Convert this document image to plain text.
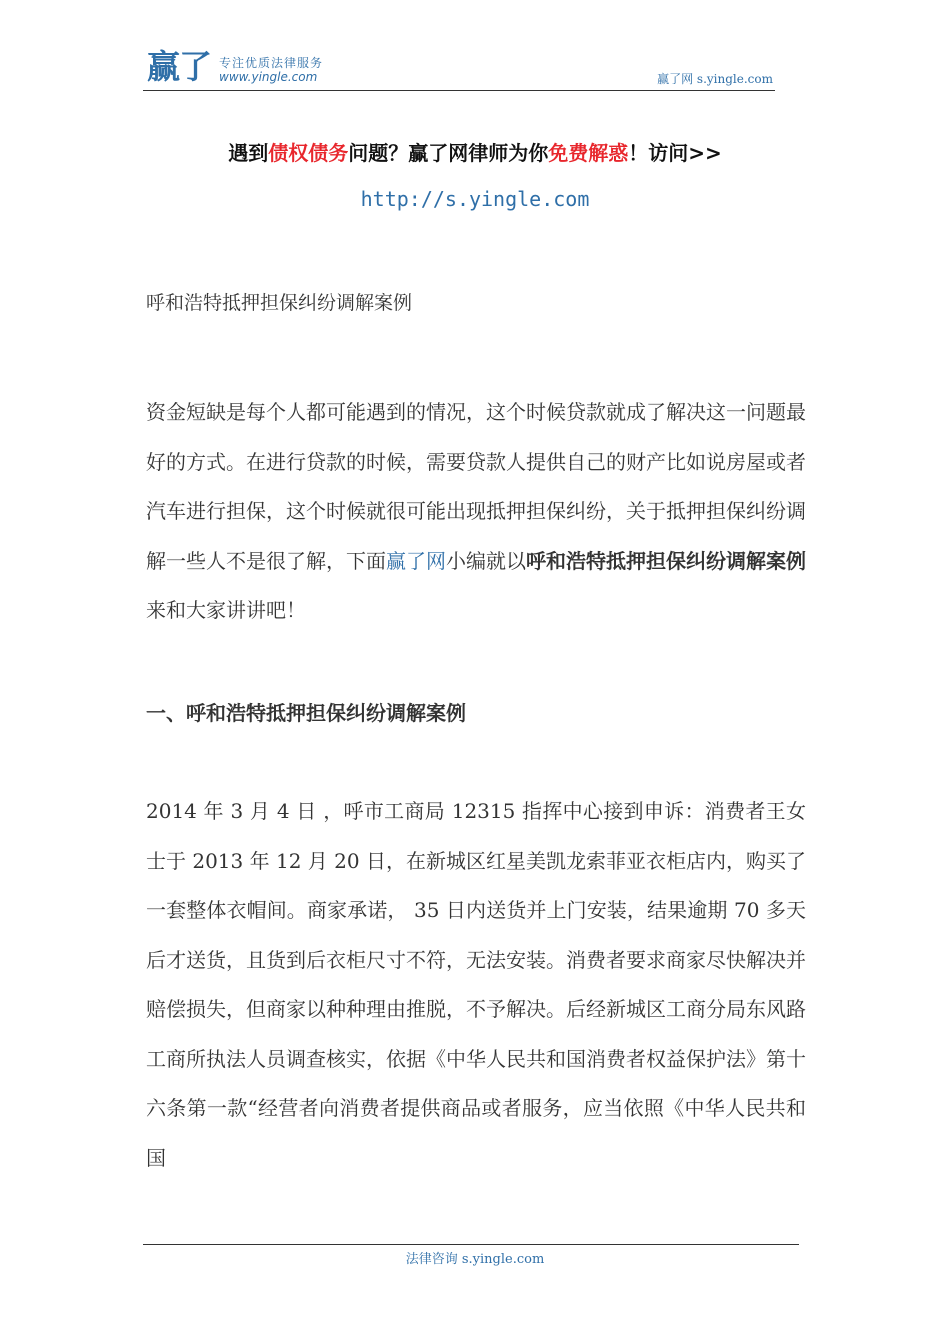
赢了 专注优质法律服务
www.yingle.com	赢了网 s.yingle.com
遇到债权债务问题？赢了网律师为你免费解惑！访问>>
http://s.yingle.com
呼和浩特抵押担保纠纷调解案例
资金短缺是每个人都可能遇到的情况，这个时候贷款就成了解决这一问题最好的方式。在进行贷款的时候，需要贷款人提供自己的财产比如说房屋或者汽车进行担保，这个时候就很可能出现抵押担保纠纷，关于抵押担保纠纷调解一些人不是很了解，下面赢了网小编就以呼和浩特抵押担保纠纷调解案例来和大家讲讲吧！
一、呼和浩特抵押担保纠纷调解案例
2014 年 3 月 4 日 ，呼市工商局 12315 指挥中心接到申诉：消费者王女士于 2013 年 12 月 20 日，在新城区红星美凯龙索菲亚衣柜店内，购买了一套整体衣帽间。商家承诺， 35 日内送货并上门安装，结果逾期 70 多天后才送货，且货到后衣柜尺寸不符，无法安装。消费者要求商家尽快解决并赔偿损失，但商家以种种理由推脱，不予解决。后经新城区工商分局东风路工商所执法人员调查核实，依据《中华人民共和国消费者权益保护法》第十六条第一款“经营者向消费者提供商品或者服务，应当依照《中华人民共和国
法律咨询 s.yingle.com
